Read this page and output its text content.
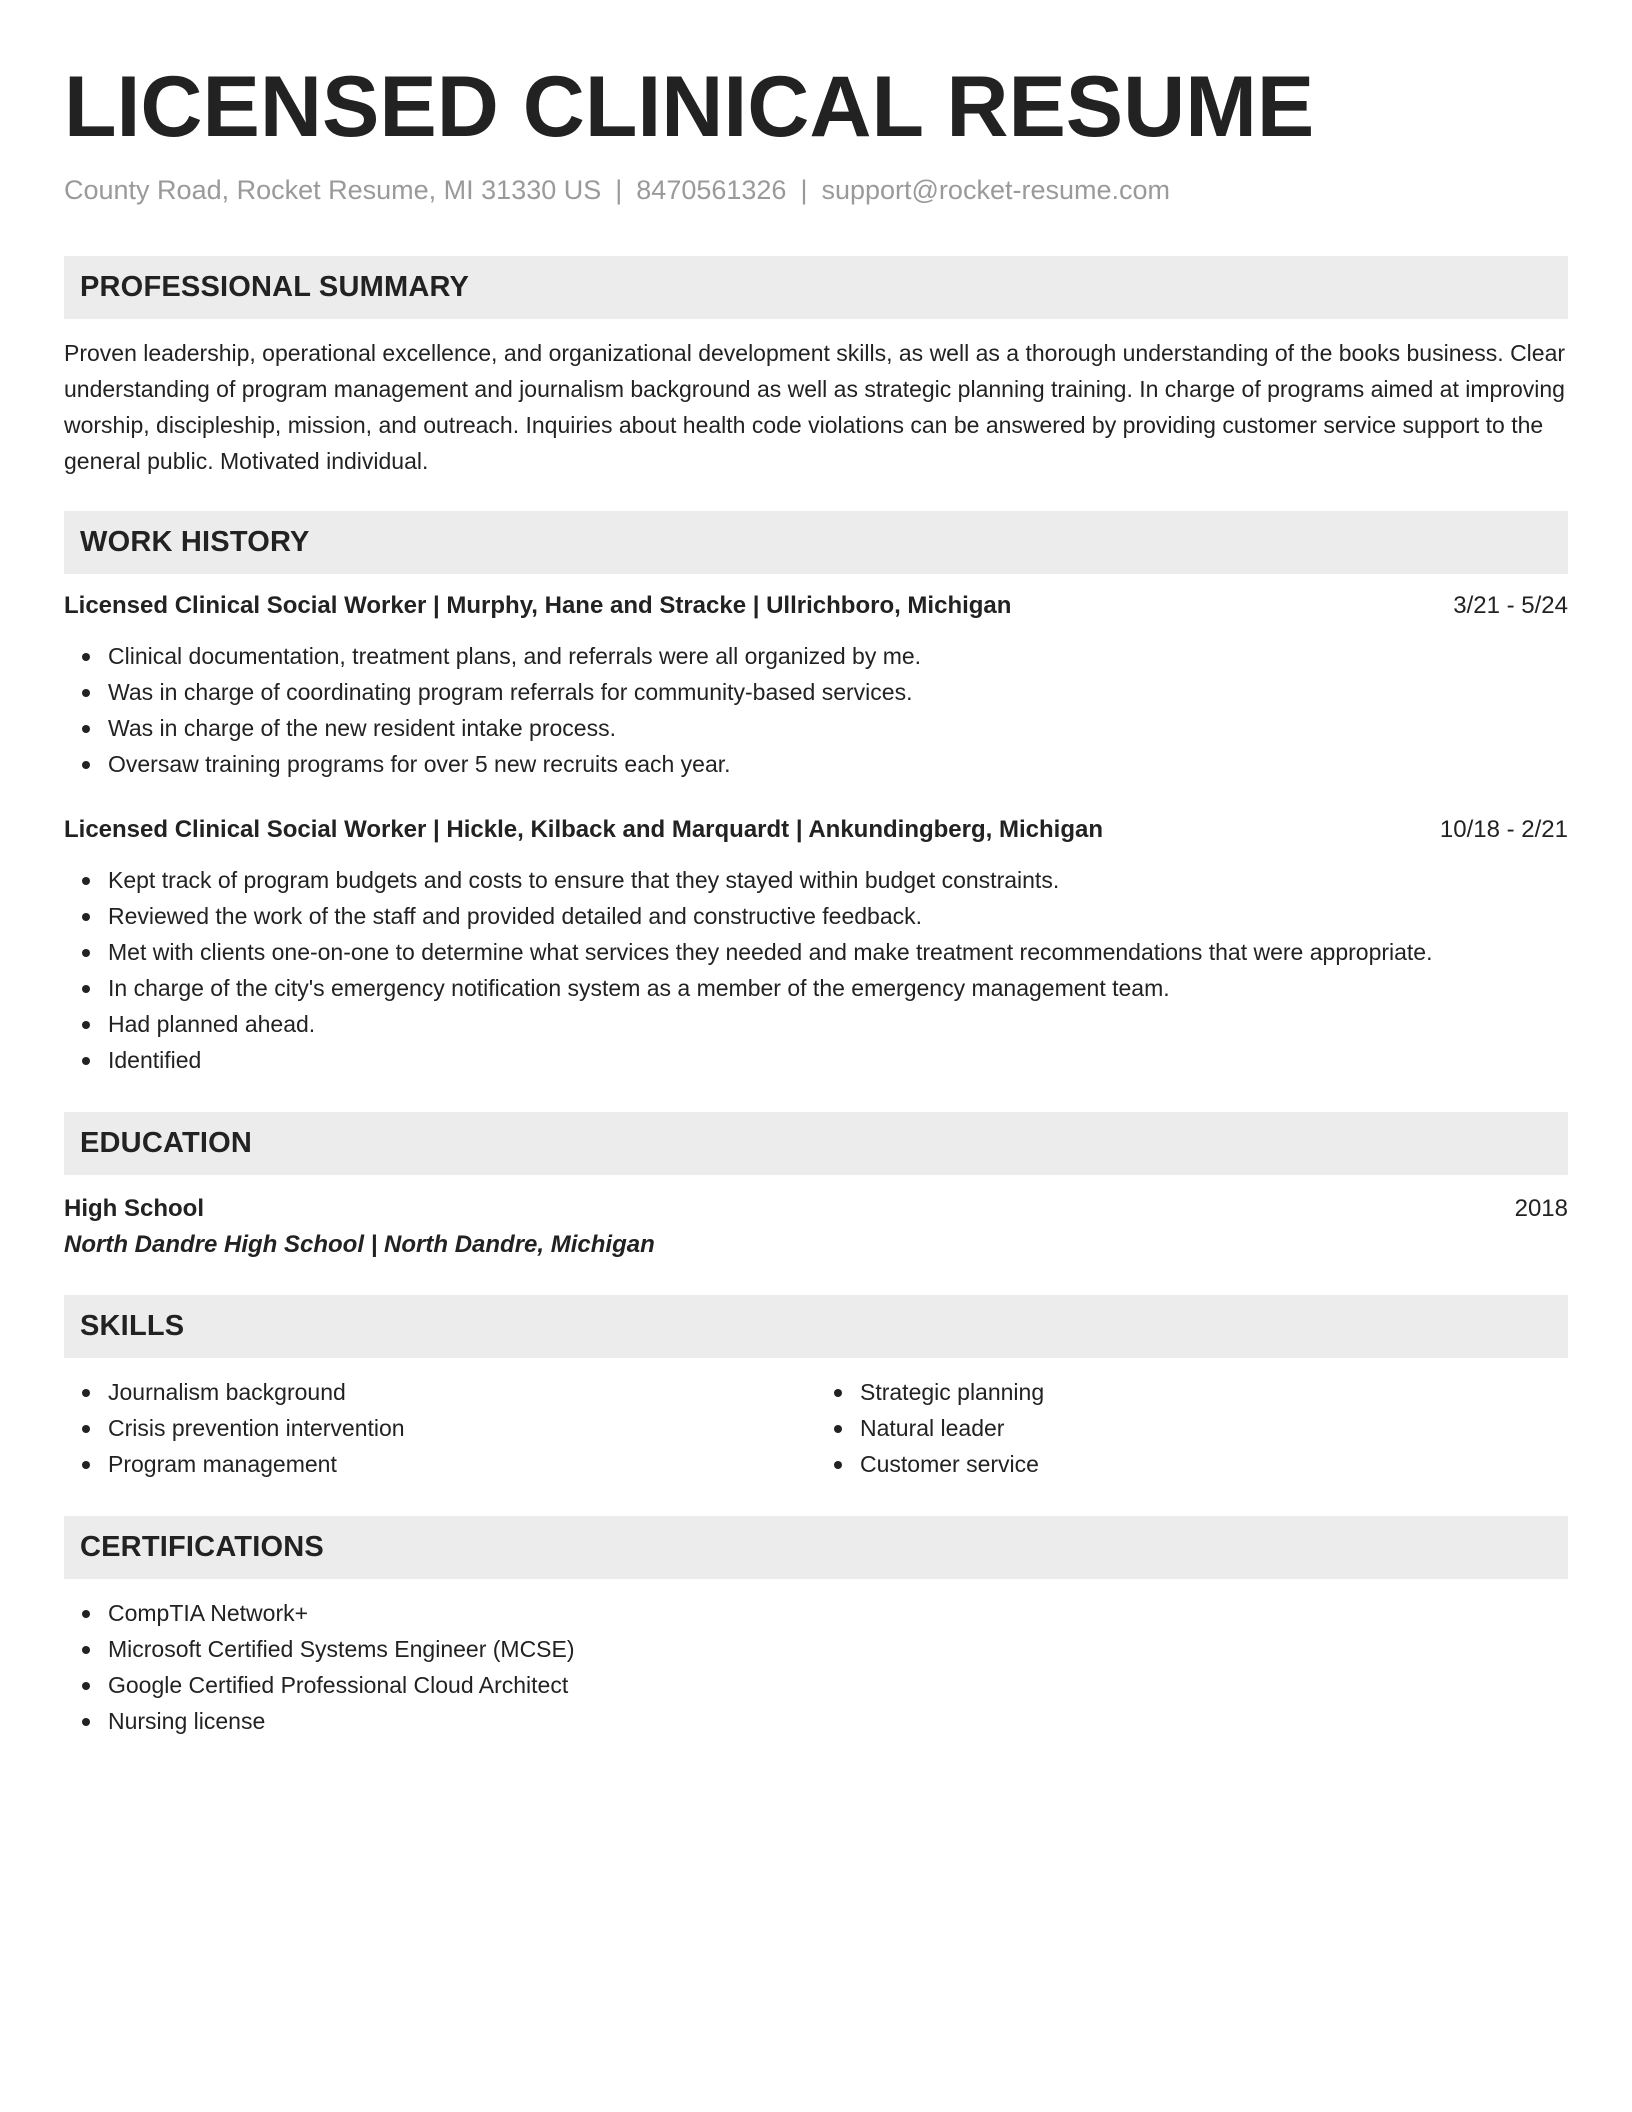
LICENSED CLINICAL RESUME
County Road, Rocket Resume, MI 31330 US | 8470561326 | support@rocket-resume.com
PROFESSIONAL SUMMARY

Proven leadership, operational excellence, and organizational development skills, as well as a thorough understanding of the books business. Clear understanding of program management and journalism background as well as strategic planning training. In charge of programs aimed at improving worship, discipleship, mission, and outreach. Inquiries about health code violations can be answered by providing customer service support to the general public. Motivated individual.

WORK HISTORY
Licensed Clinical Social Worker | Murphy, Hane and Stracke | Ullrichboro, Michigan	3/21 - 5/24
Clinical documentation, treatment plans, and referrals were all organized by me.
Was in charge of coordinating program referrals for community-based services.
Was in charge of the new resident intake process.
Oversaw training programs for over 5 new recruits each year.
Licensed Clinical Social Worker | Hickle, Kilback and Marquardt | Ankundingberg, Michigan	10/18 - 2/21
Kept track of program budgets and costs to ensure that they stayed within budget constraints.
Reviewed the work of the staff and provided detailed and constructive feedback.
Met with clients one-on-one to determine what services they needed and make treatment recommendations that were appropriate.
In charge of the city's emergency notification system as a member of the emergency management team.
Had planned ahead.
Identified
EDUCATION
High School	2018
North Dandre High School | North Dandre, Michigan
SKILLS
Journalism background
Crisis prevention intervention
Program management
Strategic planning
Natural leader
Customer service
CERTIFICATIONS
CompTIA Network+
Microsoft Certified Systems Engineer (MCSE)
Google Certified Professional Cloud Architect
Nursing license
